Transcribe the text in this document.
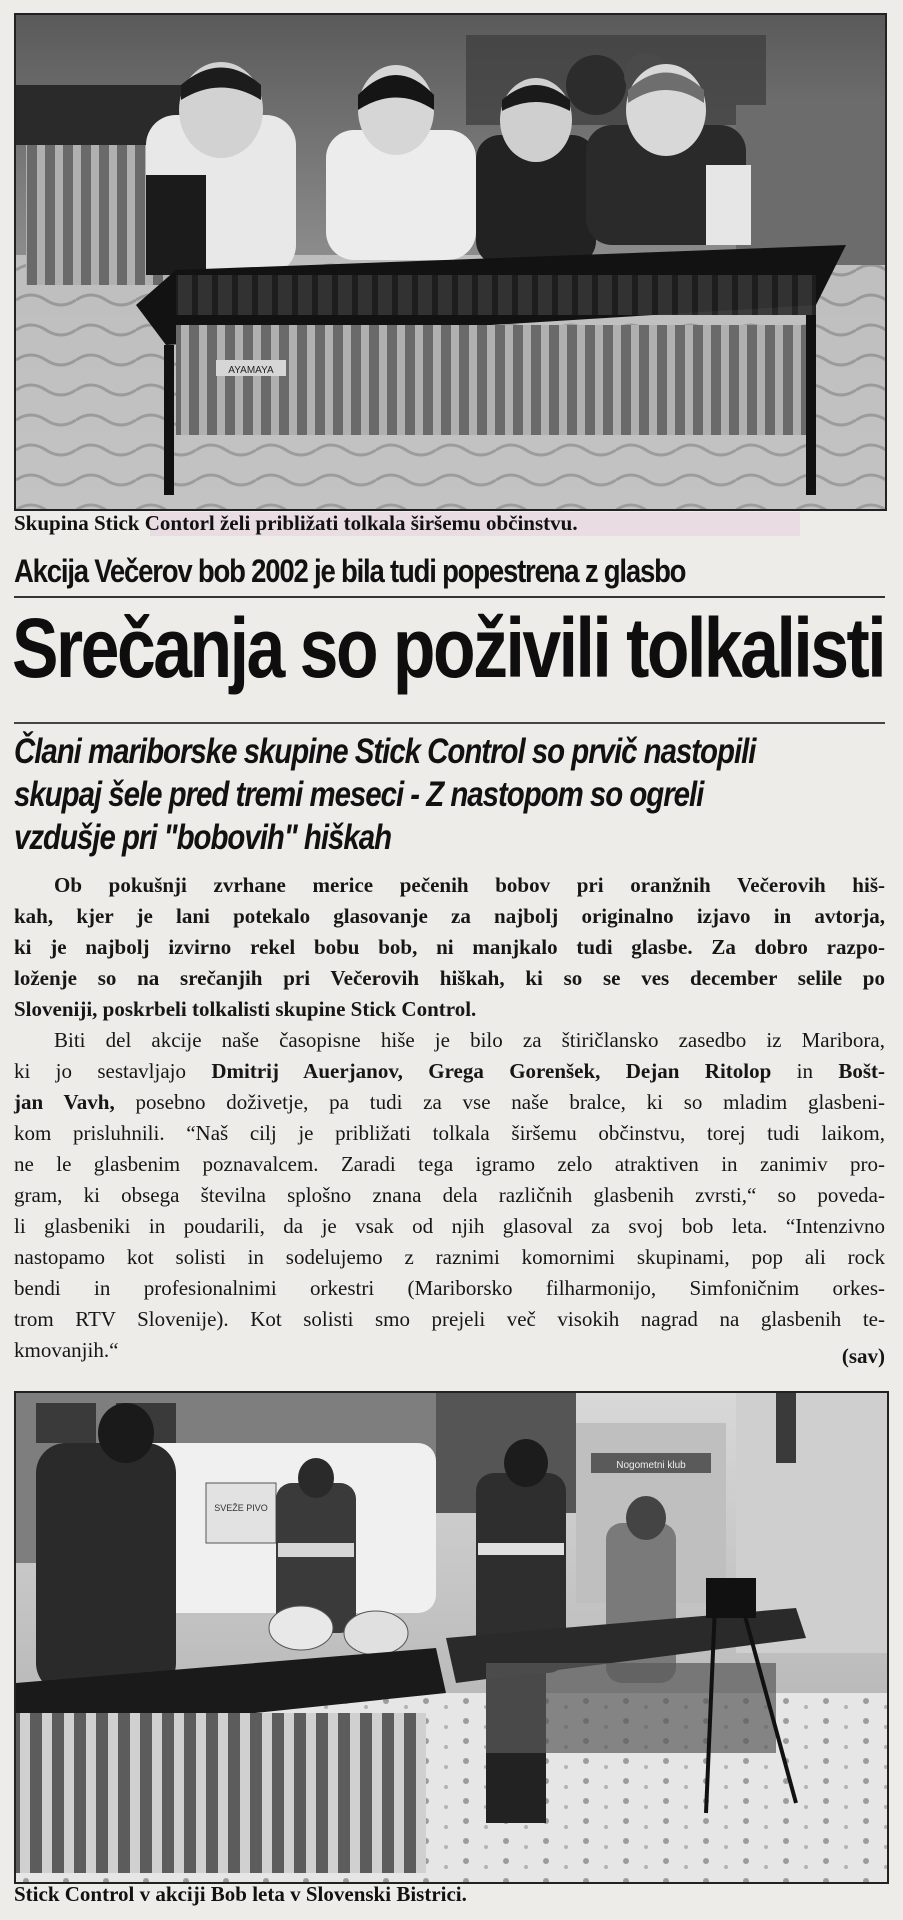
AYAMAYA
Skupina Stick Contorl želi približati tolkala širšemu občinstvu.
Akcija Večerov bob 2002 je bila tudi popestrena z glasbo
Srečanja so poživili tolkalisti
Člani mariborske skupine Stick Control so prvič nastopili
skupaj šele pred tremi meseci - Z nastopom so ogreli
vzdušje pri "bobovih" hiškah
Ob pokušnji zvrhane merice pečenih bobov pri oranžnih Večerovih hiš-
kah, kjer je lani potekalo glasovanje za najbolj originalno izjavo in avtorja,
ki je najbolj izvirno rekel bobu bob, ni manjkalo tudi glasbe. Za dobro razpo-
loženje so na srečanjih pri Večerovih hiškah, ki so se ves december selile po
Sloveniji, poskrbeli tolkalisti skupine Stick Control.
Biti del akcije naše časopisne hiše je bilo za štiričlansko zasedbo iz Maribora,
ki jo sestavljajo Dmitrij Auerjanov, Grega Gorenšek, Dejan Ritolop in Bošt-
jan Vavh, posebno doživetje, pa tudi za vse naše bralce, ki so mladim glasbeni-
kom prisluhnili. “Naš cilj je približati tolkala širšemu občinstvu, torej tudi laikom,
ne le glasbenim poznavalcem. Zaradi tega igramo zelo atraktiven in zanimiv pro-
gram, ki obsega številna splošno znana dela različnih glasbenih zvrsti,“ so poveda-
li glasbeniki in poudarili, da je vsak od njih glasoval za svoj bob leta. “Intenzivno
nastopamo kot solisti in sodelujemo z raznimi komornimi skupinami, pop ali rock
bendi in profesionalnimi orkestri (Mariborsko filharmonijo, Simfoničnim orkes-
trom RTV Slovenije). Kot solisti smo prejeli več visokih nagrad na glasbenih te-
kmovanjih.“	(sav)
Nogometni klub
SVEŽE PIVO
Stick Control v akciji Bob leta v Slovenski Bistrici.
